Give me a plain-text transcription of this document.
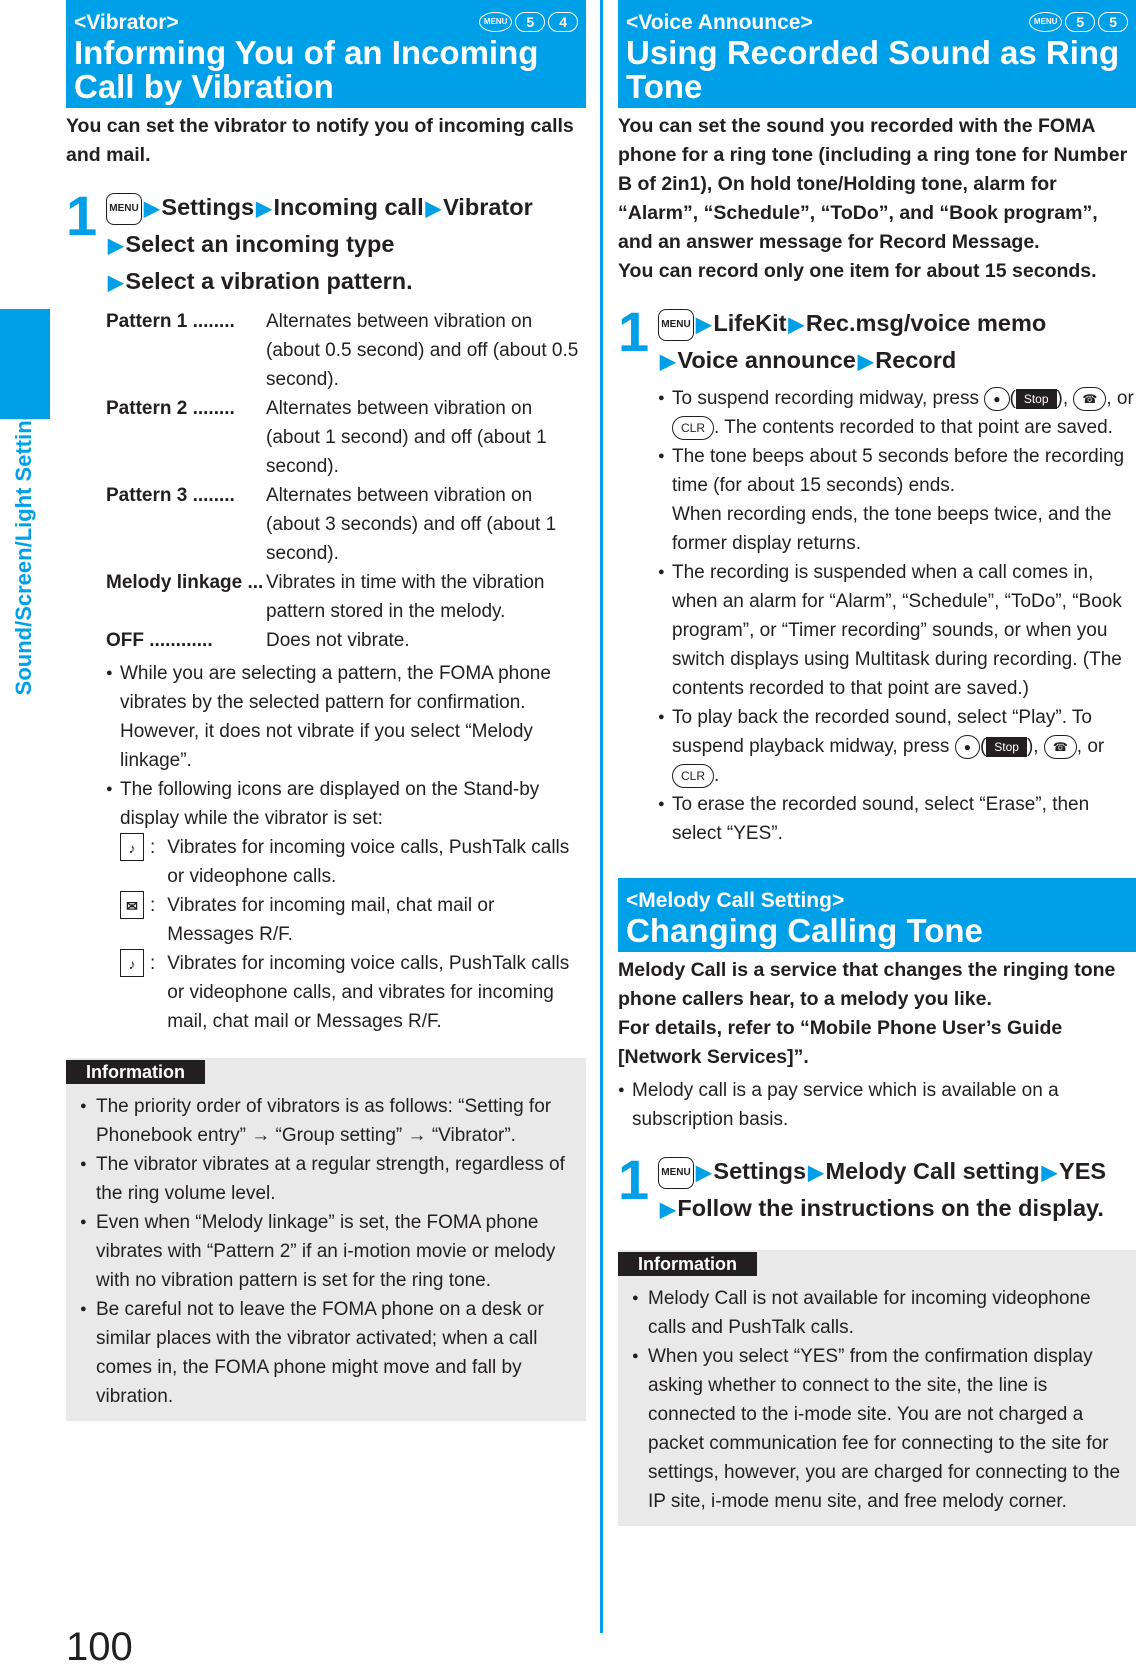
Sound/Screen/Light Settings
100
<Vibrator>
Informing You of an Incoming Call by Vibration
MENU	5	4

You can set the vibrator to notify you of incoming calls and mail.

1	MENU ▶Settings ▶Incoming call ▶Vibrator
▶Select an incoming type
▶Select a vibration pattern.
Pattern 1 ........	Alternates between vibration on (about 0.5 second) and off (about 0.5 second).
Pattern 2 ........	Alternates between vibration on (about 1 second) and off (about 1 second).
Pattern 3 ........	Alternates between vibration on (about 3 seconds) and off (about 1 second).
Melody linkage ... Vibrates in time with the vibration pattern stored in the melody.
OFF ............	Does not vibrate.
● While you are selecting a pattern, the FOMA phone vibrates by the selected pattern for confirmation. However, it does not vibrate if you select “Melody linkage”.
● The following icons are displayed on the Stand-by display while the vibrator is set:
♪ : Vibrates for incoming voice calls, PushTalk calls or videophone calls.
✉ : Vibrates for incoming mail, chat mail or Messages R/F.
♪ : Vibrates for incoming voice calls, PushTalk calls or videophone calls, and vibrates for incoming mail, chat mail or Messages R/F.
Information
● The priority order of vibrators is as follows: “Setting for Phonebook entry” → “Group setting” → “Vibrator”.
● The vibrator vibrates at a regular strength, regardless of the ring volume level.
● Even when “Melody linkage” is set, the FOMA phone vibrates with “Pattern 2” if an i-motion movie or melody with no vibration pattern is set for the ring tone.
● Be careful not to leave the FOMA phone on a desk or similar places with the vibrator activated; when a call comes in, the FOMA phone might move and fall by vibration.
<Voice Announce>
Using Recorded Sound as Ring Tone
MENU	5	5

You can set the sound you recorded with the FOMA phone for a ring tone (including a ring tone for Number B of 2in1), On hold tone/Holding tone, alarm for “Alarm”, “Schedule”, “ToDo”, and “Book program”, and an answer message for Record Message.

You can record only one item for about 15 seconds.

1	MENU ▶LifeKit ▶Rec.msg/voice memo
▶Voice announce ▶Record
● To suspend recording midway, press ● ( Stop ), ☎ , or CLR . The contents recorded to that point are saved.
● The tone beeps about 5 seconds before the recording time (for about 15 seconds) ends.
When recording ends, the tone beeps twice, and the former display returns.
● The recording is suspended when a call comes in, when an alarm for “Alarm”, “Schedule”, “ToDo”, “Book program”, or “Timer recording” sounds, or when you switch displays using Multitask during recording. (The contents recorded to that point are saved.)
● To play back the recorded sound, select “Play”. To suspend playback midway, press ● ( Stop ), ☎ , or CLR .
● To erase the recorded sound, select “Erase”, then select “YES”.
<Melody Call Setting>
Changing Calling Tone

Melody Call is a service that changes the ringing tone phone callers hear, to a melody you like.

For details, refer to “Mobile Phone User’s Guide [Network Services]”.

● Melody call is a pay service which is available on a subscription basis.
1	MENU ▶Settings ▶Melody Call setting ▶YES
▶Follow the instructions on the display.
Information
● Melody Call is not available for incoming videophone calls and PushTalk calls.
● When you select “YES” from the confirmation display asking whether to connect to the site, the line is connected to the i-mode site. You are not charged a packet communication fee for connecting to the site for settings, however, you are charged for connecting to the IP site, i-mode menu site, and free melody corner.
